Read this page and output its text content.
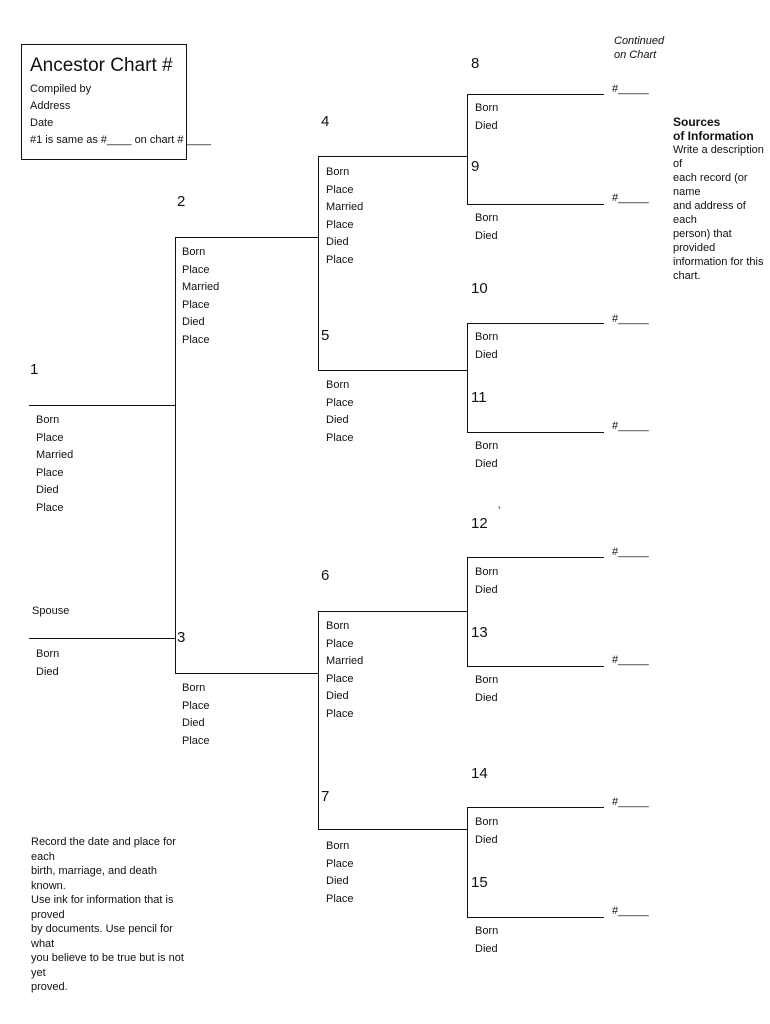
Ancestor Chart #
Compiled by
Address
Date
#1 is same as #____ on chart # ____
Continued
on Chart
Sources
of Information
Write a description of
each record (or name
and address of each
person) that provided
information for this
chart.
Record the date and place for each
birth, marriage, and death known.
Use ink for information that is proved
by documents. Use pencil for what
you believe to be true but is not yet
proved.
#_____
#_____
#_____
#_____
#_____
#_____
#_____
#_____
1
2
3
4
5
6
7
8
9
10
11
12
13
14
15
’
Spouse
Born
Place
Married
Place
Died
Place
Born
Died
Born
Place
Married
Place
Died
Place
Born
Place
Died
Place
Born
Place
Married
Place
Died
Place
Born
Place
Died
Place
Born
Place
Married
Place
Died
Place
Born
Place
Died
Place
Born
Died
Born
Died
Born
Died
Born
Died
Born
Died
Born
Died
Born
Died
Born
Died
